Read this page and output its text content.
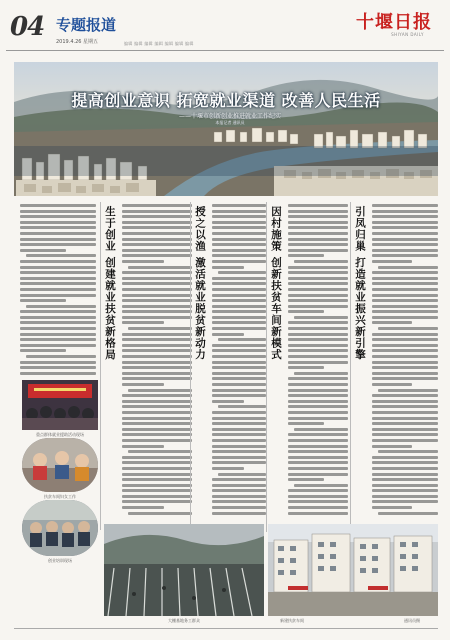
04 专题报道
2019.4.26 星期五	编辑 编辑 编辑 编辑 编辑 编辑 编辑
十堰日报
SHIYAN DAILY
提高创业意识 拓宽就业渠道 改善人民生活
——十堰市创新创业推进就业工作纪实
本报记者 通讯员
生于创业 创建就业扶贫新格局	授之以渔 激活就业脱贫新动力	因村施策 创新扶贫车间新模式	引凤归巢 打造就业振兴新引擎
重点群体就业援助活动现场
扶贫车间妇女工作
创业培训现场
大棚基地务工群众	新建扶贫车间	通讯员摄
